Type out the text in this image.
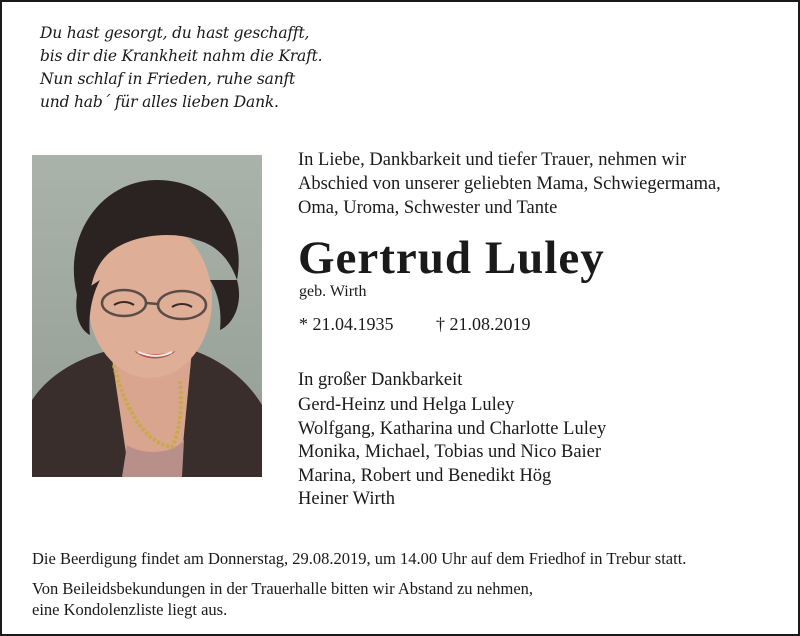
Du hast gesorgt, du hast geschafft,
bis dir die Krankheit nahm die Kraft.
Nun schlaf in Frieden, ruhe sanft
und hab´ für alles lieben Dank.
In Liebe, Dankbarkeit und tiefer Trauer, nehmen wir
Abschied von unserer geliebten Mama, Schwiegermama,
Oma, Uroma, Schwester und Tante
Gertrud Luley
geb. Wirth
* 21.04.1935 † 21.08.2019
In großer Dankbarkeit
Gerd-Heinz und Helga Luley
Wolfgang, Katharina und Charlotte Luley
Monika, Michael, Tobias und Nico Baier
Marina, Robert und Benedikt Hög
Heiner Wirth
Die Beerdigung findet am Donnerstag, 29.08.2019, um 14.00 Uhr auf dem Friedhof in Trebur statt.
Von Beileidsbekundungen in der Trauerhalle bitten wir Abstand zu nehmen,
eine Kondolenzliste liegt aus.
